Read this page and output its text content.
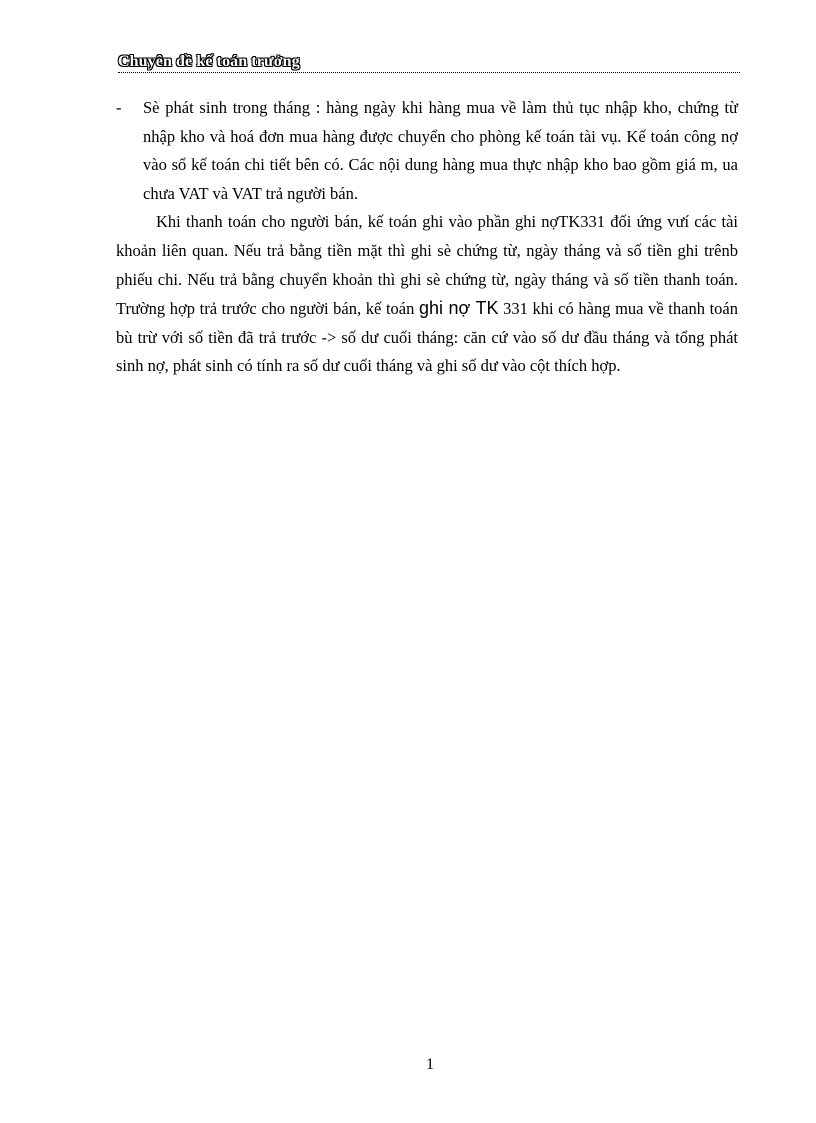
Chuyên đề kế toán trưởng
- Sè phát sinh trong tháng : hàng ngày khi hàng mua về làm thủ tục nhập kho, chứng từ nhập kho và hoá đơn mua hàng được chuyển cho phòng kế toán tài vụ. Kế toán công nợ vào sổ kế toán chi tiết bên có. Các nội dung hàng mua thực nhập kho bao gồm giá m, ua chưa VAT và VAT trả người bán.

Khi thanh toán cho người bán, kế toán ghi vào phần ghi nợTK331 đối ứng vưí các tài khoản liên quan. Nếu trả bằng tiền mặt thì ghi sè chứng từ, ngày tháng và số tiền ghi trênb phiếu chi. Nếu trả bằng chuyển khoản thì ghi sè chứng từ, ngày tháng và số tiền thanh toán. Trường hợp trả trước cho người bán, kế toán ghi nợ TK 331 khi có hàng mua về thanh toán bù trừ với số tiền đã trả trước -> số dư cuối tháng: căn cứ vào số dư đầu tháng và tổng phát sinh nợ, phát sinh có tính ra số dư cuối tháng và ghi số dư vào cột thích hợp.

1
